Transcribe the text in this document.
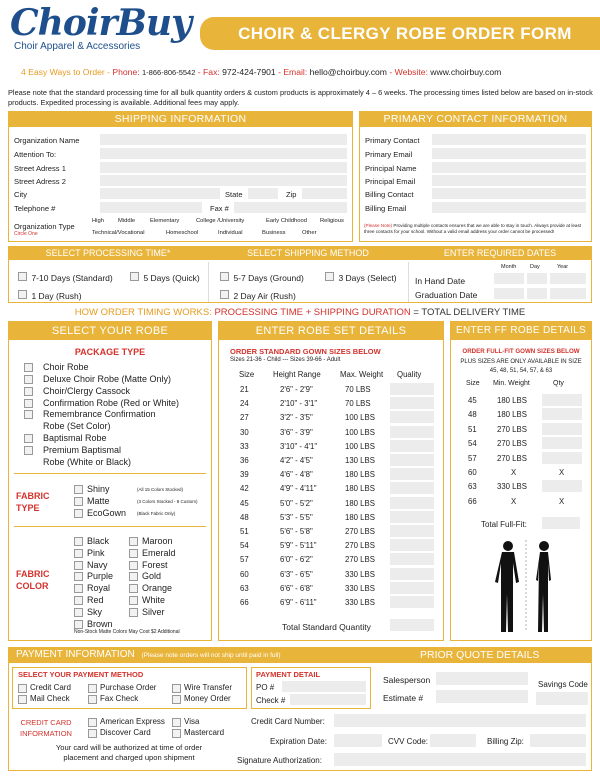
ChoirBuy
Choir Apparel & Accessories
CHOIR & CLERGY ROBE ORDER FORM
4 Easy Ways to Order - Phone: 1-866-806-5542 - Fax: 972-424-7901 - Email: hello@choirbuy.com - Website: www.choirbuy.com
Please note that the standard processing time for all bulk quantity orders & custom products is approximately 4 – 6 weeks. The processing times listed below are based on in-stock products. Expedited processing is available. Additional fees may apply.
SHIPPING INFORMATION
Organization Name
Attention To:
Street Adress 1
Street Adress 2
City
Telephone #
State	Zip
Fax #
Organization Type
Circle One
High Middle	Elementary	College /University	Early Childhood Religious
Technical/Vocational	Homeschool	Individual	Business	Other
PRIMARY CONTACT INFORMATION
Primary Contact
Primary Email
Principal Name
Principal Email
Billing Contact
Billing Email
(Please Note) Providing multiple contacts ensures that we are able to stay in touch. Always provide at least three contacts for your school. Without a valid email address your order cannot be processed!
SELECT PROCESSING TIME*	SELECT SHIPPING METHOD	ENTER REQUIRED DATES
7-10 Days (Standard)	5 Days (Quick)
1 Day (Rush)
5-7 Days (Ground)	3 Days (Select)
2 Day Air (Rush)
Month Day	Year
In Hand Date
Graduation Date
HOW ORDER TIMING WORKS: PROCESSING TIME + SHIPPING DURATION = TOTAL DELIVERY TIME
SELECT YOUR ROBE
PACKAGE TYPE
Choir Robe
Deluxe Choir Robe (Matte Only)
Choir/Clergy Cassock
Confirmation Robe (Red or White)
Remembrance Confirmation
Robe (Set Color)
Baptismal Robe
Premium Baptismal
Robe (White or Black)
FABRIC
TYPE
Shiny	(All 15 Colors Stocked)
Matte	(3 Colors Stocked - 8 Custom)
EcoGown (Black Fabric Only)
FABRIC
COLOR
Black
Pink
Navy
Purple
Royal
Red
Sky
Brown
Maroon
Emerald
Forest
Gold
Orange
White
Silver
Non-Stock Matte Colors May Cost $2 Additional
ENTER ROBE SET DETAILS
ORDER STANDARD GOWN SIZES BELOW
Sizes 21-36 - Child --- Sizes 39-66 - Adult
Size Height Range Max. Weight Quality
21	2'6" - 2'9"	70 LBS
24	2'10" - 3'1"	70 LBS
27	3'2" - 3'5"	100 LBS
30	3'6" - 3'9"	100 LBS
33	3'10" - 4'1"	100 LBS
36	4'2" - 4'5"	130 LBS
39	4'6" - 4'8"	180 LBS
42	4'9" - 4'11"	180 LBS
45	5'0" - 5'2"	180 LBS
48	5'3" - 5'5"	180 LBS
51	5'6" - 5'8"	270 LBS
54	5'9" - 5'11"	270 LBS
57	6'0" - 6'2"	270 LBS
60	6'3" - 6'5"	330 LBS
63	6'6" - 6'8"	330 LBS
66	6'9" - 6'11"	330 LBS
Total Standard Quantity
ENTER FF ROBE DETAILS
ORDER FULL-FIT GOWN SIZES BELOW
PLUS SIZES ARE ONLY AVAILABLE IN SIZE
45, 48, 51, 54, 57, & 63
Size Min. Weight	Qty
45	180 LBS
48	180 LBS
51	270 LBS
54	270 LBS
57	270 LBS
60	X	X
63	330 LBS
66	X	X
Total Full-Fit:
PAYMENT INFORMATION (Please note orders will not ship until paid in full)	PRIOR QUOTE DETAILS
SELECT YOUR PAYMENT METHOD
Credit Card	Purchase Order	Wire Transfer
Mail Check	Fax Check	Money Order
PAYMENT DETAIL
PO #
Check #
Salesperson
Estimate #
Savings Code
CREDIT CARD
INFORMATION
American Express Visa
Discover Card	Mastercard
Your card will be authorized at time of order
placement and charged upon shipment
Credit Card Number:
Expiration Date:	CVV Code:	Billing Zip:
Signature Authorization:
